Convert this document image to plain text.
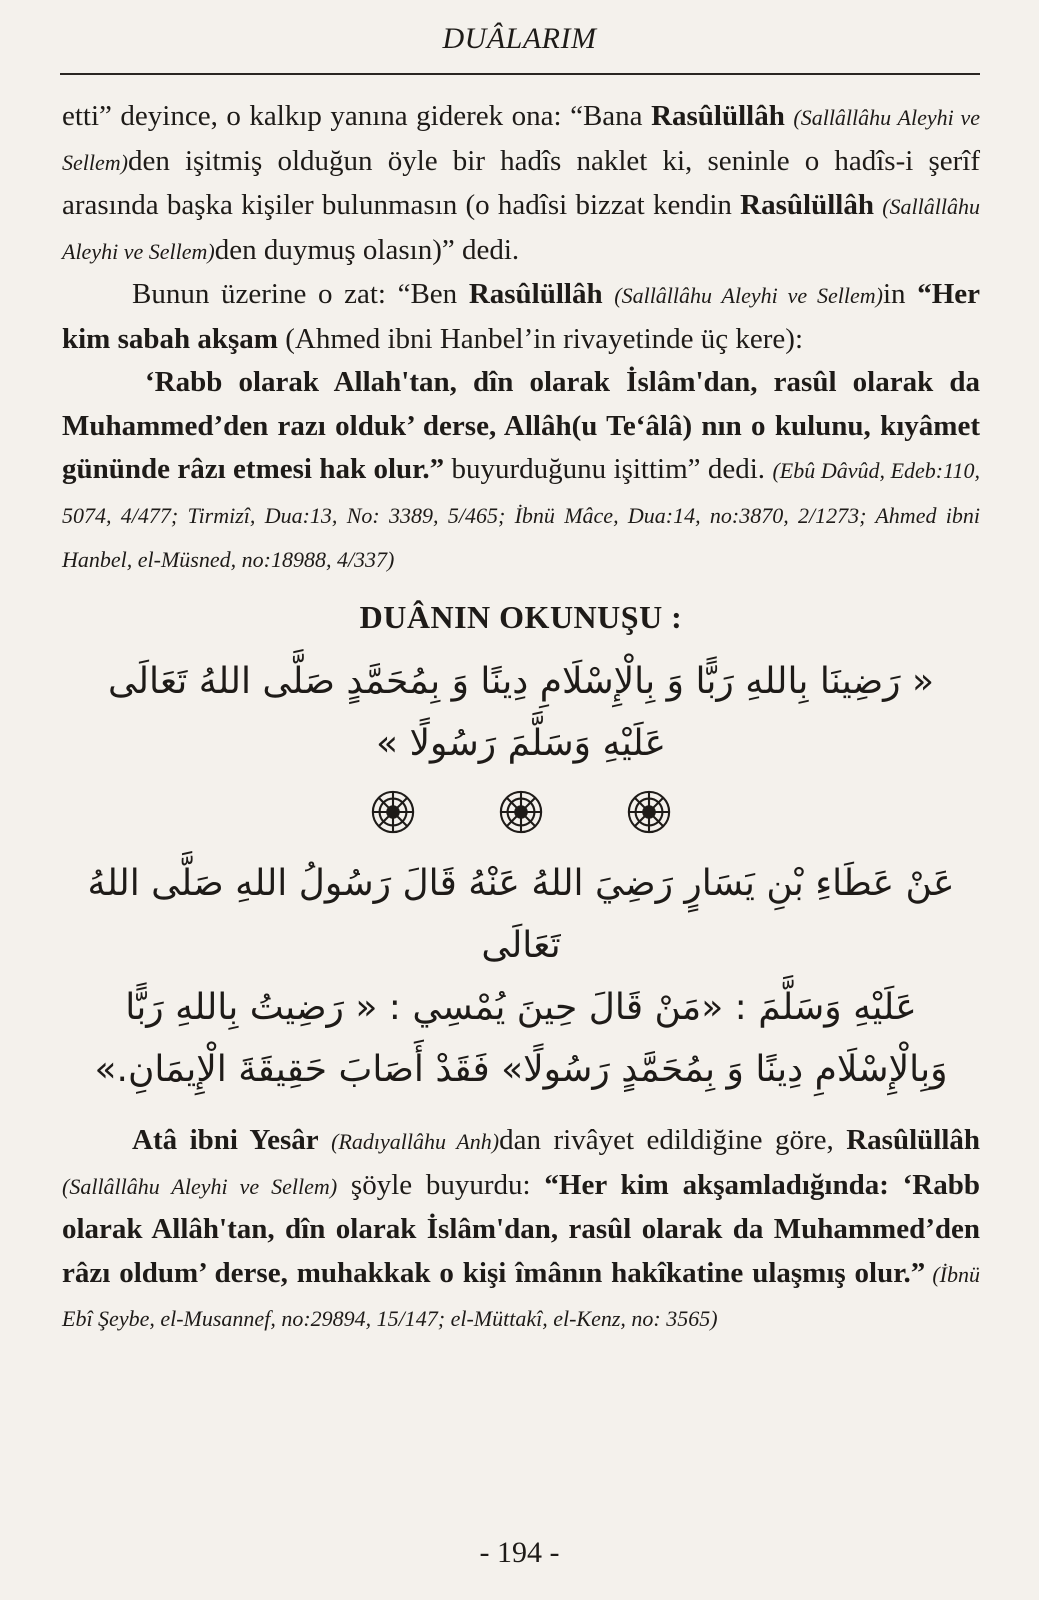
DUÂLARIM

etti” deyince, o kalkıp yanına giderek ona: “Bana Rasûlüllâh (Sallâllâhu Aleyhi ve Sellem)den işitmiş olduğun öyle bir hadîs naklet ki, seninle o hadîs-i şerîf arasında başka kişiler bulunmasın (o hadîsi bizzat kendin Rasûlüllâh (Sallâllâhu Aleyhi ve Sellem)den duymuş olasın)” dedi.

Bunun üzerine o zat: “Ben Rasûlüllâh (Sallâllâhu Aleyhi ve Sellem)in “Her kim sabah akşam (Ahmed ibni Hanbel’in rivayetinde üç kere):

‘Rabb olarak Allah'tan, dîn olarak İslâm'dan, rasûl olarak da Muhammed’den razı olduk’ derse, Allâh(u Te‘âlâ) nın o kulunu, kıyâmet gününde râzı etmesi hak olur.” buyurduğunu işittim” dedi. (Ebû Dâvûd, Edeb:110, 5074, 4/477; Tirmizî, Dua:13, No: 3389, 5/465; İbnü Mâce, Dua:14, no:3870, 2/1273; Ahmed ibni Hanbel, el-Müsned, no:18988, 4/337)

DUÂNIN OKUNUŞU :
« رَضِينَا بِاللهِ رَبًّا وَ بِالْإِسْلَامِ دِينًا وَ بِمُحَمَّدٍ صَلَّى اللهُ تَعَالَى
عَلَيْهِ وَسَلَّمَ رَسُولًا »
عَنْ عَطَاءِ بْنِ يَسَارٍ رَضِيَ اللهُ عَنْهُ قَالَ رَسُولُ اللهِ صَلَّى اللهُ تَعَالَى
عَلَيْهِ وَسَلَّمَ : «مَنْ قَالَ حِينَ يُمْسِي : « رَضِيتُ بِاللهِ رَبًّا
وَبِالْإِسْلَامِ دِينًا وَ بِمُحَمَّدٍ رَسُولًا» فَقَدْ أَصَابَ حَقِيقَةَ الْإِيمَانِ.»

Atâ ibni Yesâr (Radıyallâhu Anh)dan rivâyet edildiğine göre, Rasûlüllâh (Sallâllâhu Aleyhi ve Sellem) şöyle buyurdu: “Her kim akşamladığında: ‘Rabb olarak Allâh'tan, dîn olarak İslâm'dan, rasûl olarak da Muhammed’den râzı oldum’ derse, muhakkak o kişi îmânın hakîkatine ulaşmış olur.” (İbnü Ebî Şeybe, el-Musannef, no:29894, 15/147; el-Müttakî, el-Kenz, no: 3565)

- 194 -
